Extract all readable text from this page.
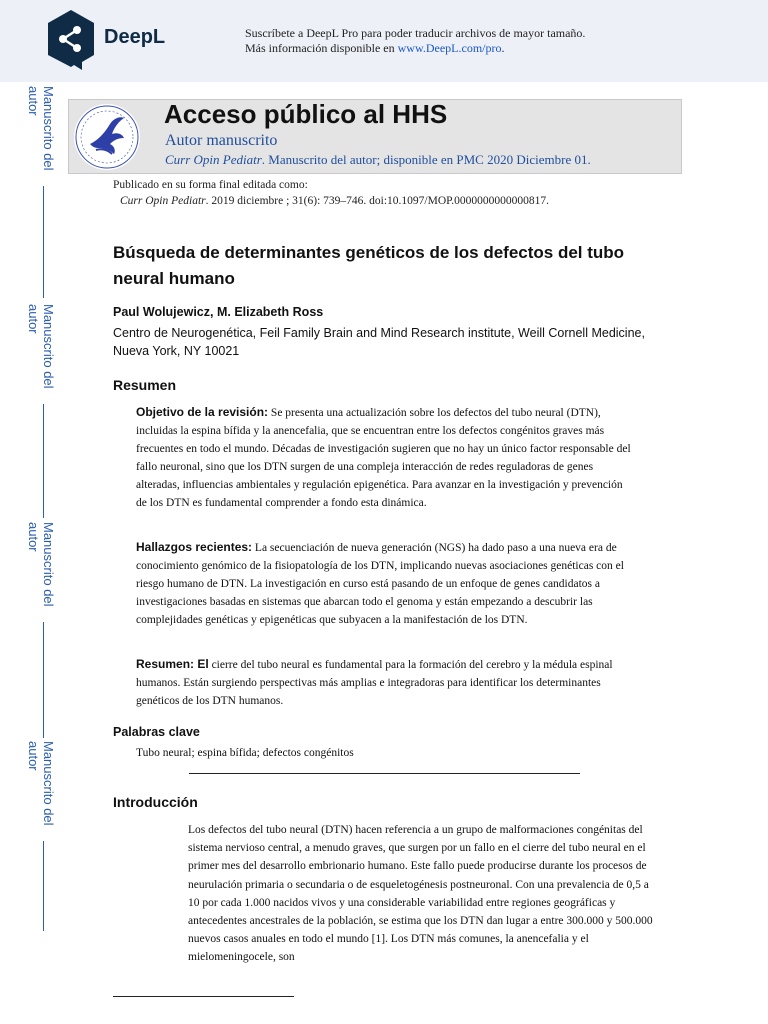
DeepL	Suscríbete a DeepL Pro para poder traducir archivos de mayor tamaño.
Más información disponible en www.DeepL.com/pro.
Manuscrito del
autor
Manuscrito del
autor
Manuscrito del
autor
Manuscrito del
autor
Acceso público al HHS
Autor manuscrito
Curr Opin Pediatr. Manuscrito del autor; disponible en PMC 2020 Diciembre 01.
Publicado en su forma final editada como:
Curr Opin Pediatr. 2019 diciembre ; 31(6): 739–746. doi:10.1097/MOP.0000000000000817.
Búsqueda de determinantes genéticos de los defectos del tubo neural humano
Paul Wolujewicz, M. Elizabeth Ross
Centro de Neurogenética, Feil Family Brain and Mind Research institute, Weill Cornell Medicine, Nueva York, NY 10021
Resumen
Objetivo de la revisión: Se presenta una actualización sobre los defectos del tubo neural (DTN), incluidas la espina bífida y la anencefalia, que se encuentran entre los defectos congénitos graves más frecuentes en todo el mundo. Décadas de investigación sugieren que no hay un único factor responsable del fallo neuronal, sino que los DTN surgen de una compleja interacción de redes reguladoras de genes alteradas, influencias ambientales y regulación epigenética. Para avanzar en la investigación y prevención de los DTN es fundamental comprender a fondo esta dinámica.
Hallazgos recientes: La secuenciación de nueva generación (NGS) ha dado paso a una nueva era de conocimiento genómico de la fisiopatología de los DTN, implicando nuevas asociaciones genéticas con el riesgo humano de DTN. La investigación en curso está pasando de un enfoque de genes candidatos a investigaciones basadas en sistemas que abarcan todo el genoma y están empezando a descubrir las complejidades genéticas y epigenéticas que subyacen a la manifestación de los DTN.
Resumen: El cierre del tubo neural es fundamental para la formación del cerebro y la médula espinal humanos. Están surgiendo perspectivas más amplias e integradoras para identificar los determinantes genéticos de los DTN humanos.
Palabras clave
Tubo neural; espina bífida; defectos congénitos
Introducción
Los defectos del tubo neural (DTN) hacen referencia a un grupo de malformaciones congénitas del sistema nervioso central, a menudo graves, que surgen por un fallo en el cierre del tubo neural en el primer mes del desarrollo embrionario humano. Este fallo puede producirse durante los procesos de neurulación primaria o secundaria o de esqueletogénesis postneuronal. Con una prevalencia de 0,5 a 10 por cada 1.000 nacidos vivos y una considerable variabilidad entre regiones geográficas y antecedentes ancestrales de la población, se estima que los DTN dan lugar a entre 300.000 y 500.000 nuevos casos anuales en todo el mundo [1]. Los DTN más comunes, la anencefalia y el mielomeningocele, son
